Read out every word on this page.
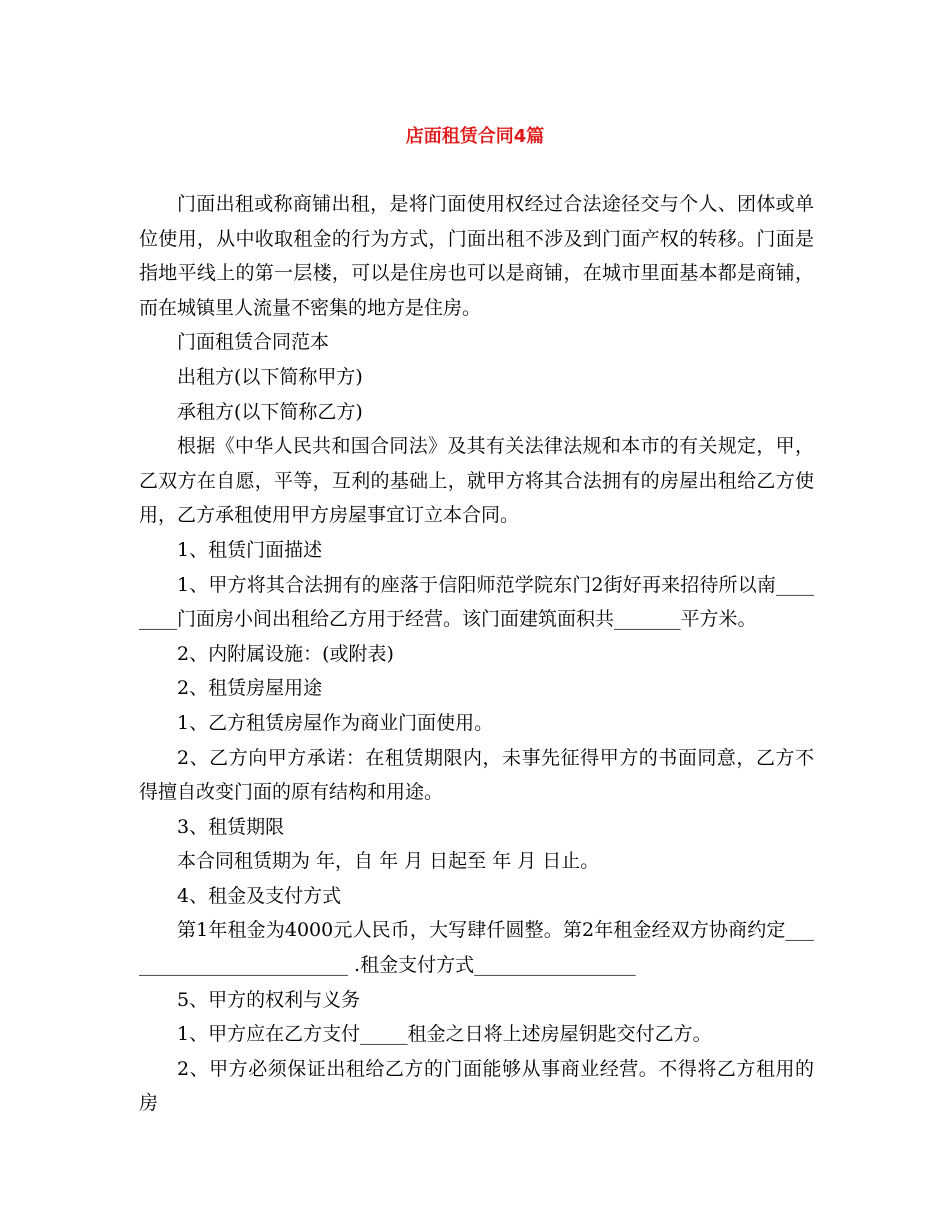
店面租赁合同4篇

门面出租或称商铺出租，是将门面使用权经过合法途径交与个人、团体或单位使用，从中收取租金的行为方式，门面出租不涉及到门面产权的转移。门面是指地平线上的第一层楼，可以是住房也可以是商铺，在城市里面基本都是商铺，而在城镇里人流量不密集的地方是住房。

门面租赁合同范本

出租方(以下简称甲方)

承租方(以下简称乙方)

根据《中华人民共和国合同法》及其有关法律法规和本市的有关规定，甲，乙双方在自愿，平等，互利的基础上，就甲方将其合法拥有的房屋出租给乙方使用，乙方承租使用甲方房屋事宜订立本合同。

1、租赁门面描述

1、甲方将其合法拥有的座落于信阳师范学院东门2街好再来招待所以南________门面房小间出租给乙方用于经营。该门面建筑面积共_______平方米。

2、内附属设施：(或附表)

2、租赁房屋用途

1、乙方租赁房屋作为商业门面使用。

2、乙方向甲方承诺：在租赁期限内，未事先征得甲方的书面同意，乙方不得擅自改变门面的原有结构和用途。

3、租赁期限

本合同租赁期为 年，自 年 月 日起至 年 月 日止。

4、租金及支付方式

第1年租金为4000元人民币，大写肆仟圆整。第2年租金经双方协商约定_________________________ .租金支付方式_________________

5、甲方的权利与义务

1、甲方应在乙方支付_____租金之日将上述房屋钥匙交付乙方。

2、甲方必须保证出租给乙方的门面能够从事商业经营。不得将乙方租用的房
